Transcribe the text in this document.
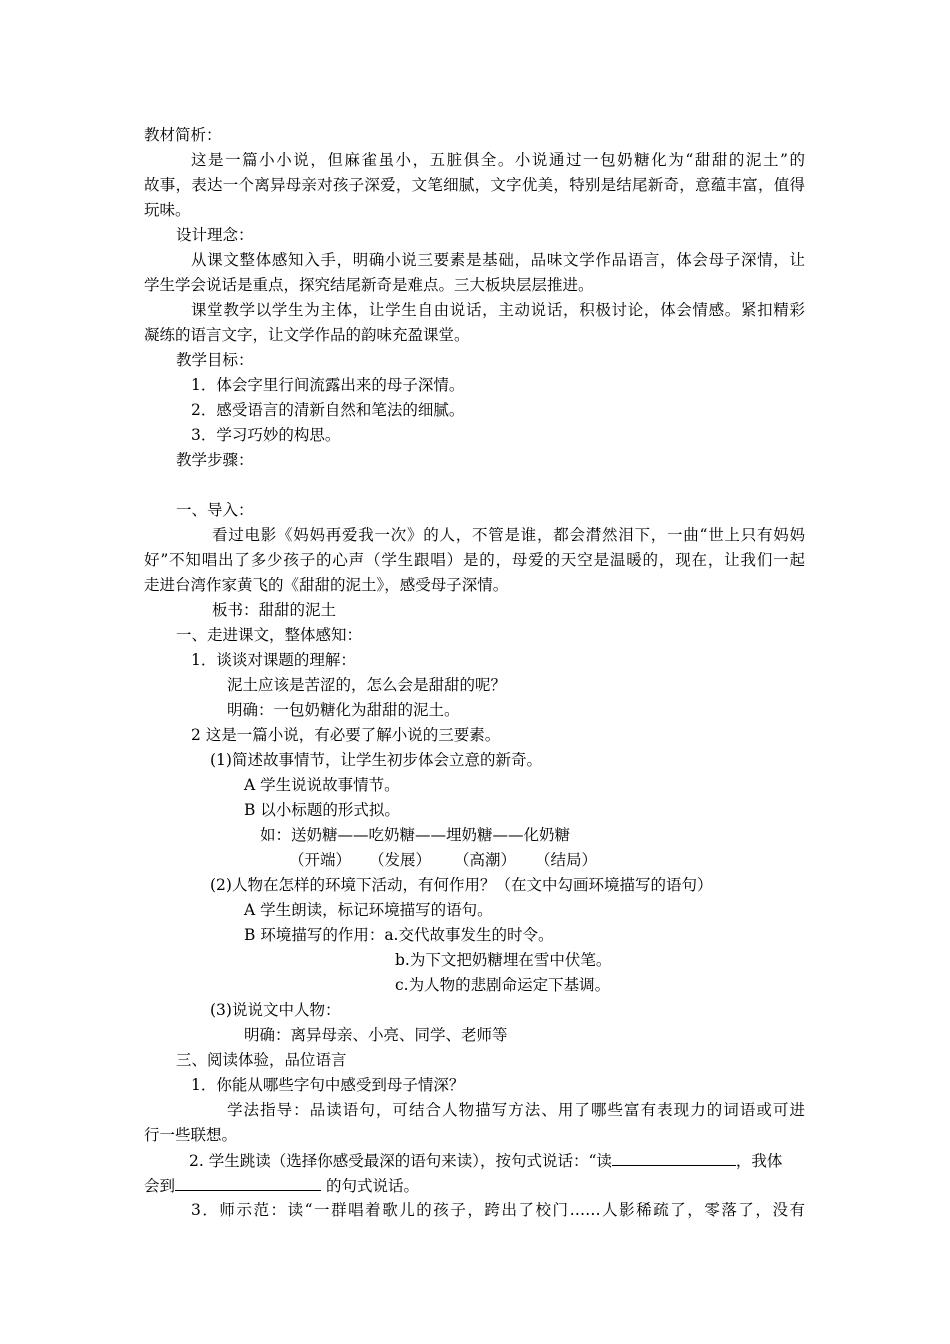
教材简析：
这是一篇小小说，但麻雀虽小，五脏俱全。小说通过一包奶糖化为“甜甜的泥土”的
故事，表达一个离异母亲对孩子深爱，文笔细腻，文字优美，特别是结尾新奇，意蕴丰富，值得
玩味。
设计理念：
从课文整体感知入手，明确小说三要素是基础，品味文学作品语言，体会母子深情，让
学生学会说话是重点，探究结尾新奇是难点。三大板块层层推进。
课堂教学以学生为主体，让学生自由说话，主动说话，积极讨论，体会情感。紧扣精彩
凝练的语言文字，让文学作品的韵味充盈课堂。
教学目标：
1．体会字里行间流露出来的母子深情。
2．感受语言的清新自然和笔法的细腻。
3．学习巧妙的构思。
教学步骤：
一、导入：
看过电影《妈妈再爱我一次》的人，不管是谁，都会潸然泪下，一曲“世上只有妈妈
好”不知唱出了多少孩子的心声（学生跟唱）是的，母爱的天空是温暖的，现在，让我们一起
走进台湾作家黄飞的《甜甜的泥土》，感受母子深情。
板书：甜甜的泥土
一、走进课文，整体感知：
1．谈谈对课题的理解：
泥土应该是苦涩的，怎么会是甜甜的呢？
明确：一包奶糖化为甜甜的泥土。
2 这是一篇小说，有必要了解小说的三要素。
(1)简述故事情节，让学生初步体会立意的新奇。
A 学生说说故事情节。
B 以小标题的形式拟。
如：送奶糖——吃奶糖——埋奶糖——化奶糖
（开端） （发展） （高潮） （结局）
(2)人物在怎样的环境下活动，有何作用？（在文中勾画环境描写的语句）
A 学生朗读，标记环境描写的语句。
B 环境描写的作用：a.交代故事发生的时令。
b.为下文把奶糖埋在雪中伏笔。
c.为人物的悲剧命运定下基调。
(3)说说文中人物：
明确：离异母亲、小亮、同学、老师等
三、阅读体验，品位语言
1．你能从哪些字句中感受到母子情深？
学法指导：品读语句，可结合人物描写方法、用了哪些富有表现力的词语或可进
行一些联想。
2. 学生跳读（选择你感受最深的语句来读），按句式说话：“读	，我体
会到	的句式说话。
3．师示范：读“一群唱着歌儿的孩子，跨出了校门……人影稀疏了，零落了，没有
